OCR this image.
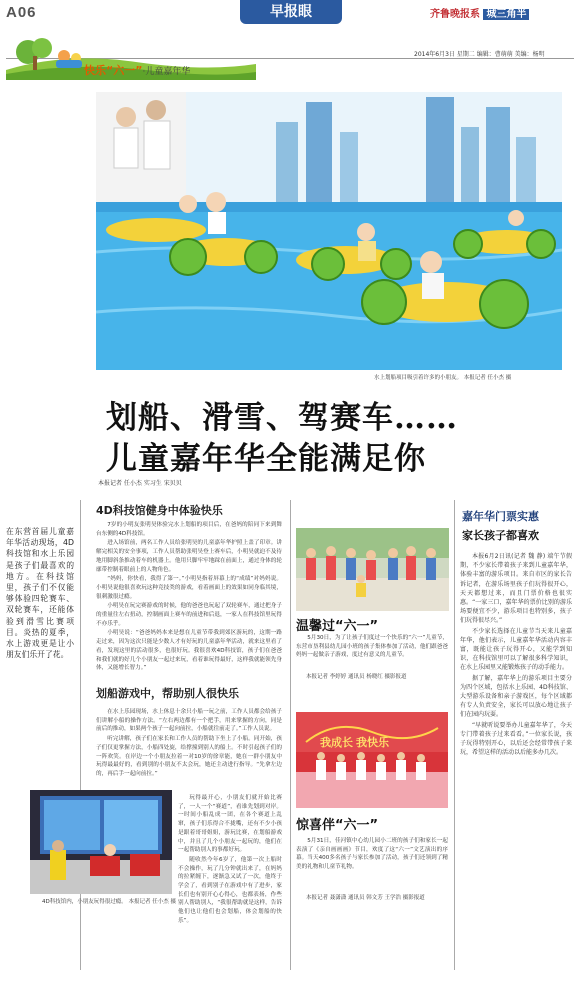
A06	早报眼	齐鲁晚报系 城三角半
2014年6月3日 星期二 编辑：曹萌萌 美编：杨明
快乐“六一”·儿童嘉年华
水上划船项目吸引着许多的小朋友。 本报记者 任小杰 摄
划船、滑雪、驾赛车……
儿童嘉年华全能满足你
本报记者 任小杰 实习生 宋贝贝
在东营首届儿童嘉年华活动现场，4D科技馆和水上乐园是孩子们最喜欢的地方。在科技馆里，孩子们不仅能够体验四轮赛车、双轮赛车，还能体验到滑雪比赛项目。炎热的夏季，水上游戏更是让小朋友们乐开了花。
4D科技馆健身中体验快乐

7岁的小明友张明昊体验完水上划船的项目后，在爸妈的陪同下来到舞台东侧的4D科技馆。

进入场馆前，两名工作人员给张明昊的儿童嘉年华护照上盖了印章。讲解完相关的安全事项，工作人员帮助张明昊登上赛车后，小明昊就迫不及待地用脚斜条推动着车的机器上。他用只脚牢牢地踩在前面上，通过身体的轮廓带控制着眼前上的人物角色。

“妈妈，你快看，我得了第一。”小明昊指着屏幕上的“成绩”对妈妈说。小明昊说他很喜欢玩这种竞技类的游戏，看着画面上的效果如同身临其境，很刺激很过瘾。

小明昊在玩完赛游戏的时候，他的爸爸也玩起了双轮赛车，通过把身子的重量往左右扭动，控制画面上赛车的前进和后退，一家人在科技馆里玩得不亦乐乎。

小明昊说：“爸爸妈妈本来是想在儿童节带我到郊区游玩的，这期一路走过来，因为这次只能是少数人才有好玩的儿童嘉年华活动，就来这里看了看，发现这里的活动很多，也很好玩。我很喜欢4D科技馆，孩子们在爸爸和我们就的好几个小朋友一起过来玩，看着谁玩得最好，这样我就能领先身体，又能增长智力。”

划船游戏中，帮助别人很快乐

在水上乐园现场，水上休息十余只小船一玩之前，工作人员都会给孩子们讲解小船的操作方法。“左右两边都有一个把手，用来掌握的方向，同是前后的推动，如果两个孩子一起向前拉，小船就往前走了。”工作人员说。

听完讲解，孩子们在家长和工作人员的帮助下坐上了小船。同开始，孩子们仅更掌握方法，小船四处旋，给撑撞到别人的船上。不时引起孩子们的一阵欢笑。在岸边一个小朋友拉着一对10岁的徐章能，她在一群小朋友中玩得最最好的，看到别的小朋友不太会玩，她还主动进行指导。“先拿左边的，再后手一起向前拉。”

玩得最开心，小朋友们就开始比赛了，一人一个“赛道”，看谁先划到对岸。一时间小船乱成一团，在各个赛道上乱窜，孩子们乐得合不拢嘴，还有不少小孩是跟着哥哥姐姐，游玩比赛，在划船游戏中，并且了几个小朋友一起玩的，他们在一起帮助别人的事都好玩。

随收然今年6岁了，他第一次上船时不会操作，玩了几分钟就出来了，在妈妈的拉紧缠下，逐渐急又试了一次，他终于学会了，看到别子在游戏中有了进步，家长们也有别开心心得心，也都表扬，作些别人帮助别人，“我很帮助就是这样，告诉他们也让他们也会划船，体会划船的快乐”。

4D科技馆内，小朋友玩得很过瘾。 本报记者 任小杰 摄
温馨过“六一”

5月30日，为了让孩子们度过一个快乐的“六一”儿童节，东营市垦利县幼儿园小班的孩子集体参加了活动，他们跟爸爸妈妈一起做亲子游戏，度过有意义的儿童节。

本报记者 李婷婷 通讯员 杨晓红 摄影报道
我成长 我快乐
惊喜伴“六一”

5月31日，佳河镇中心幼儿园小二班的孩子们和家长一起表演了《亲自画画画》节目，欢度了这“六一”文艺演出的序幕。当天400多名孩子与家长参加了活动，孩子们还领到了精美的礼物和儿童节礼物。

本报记者 聂潇潇 通讯员 韩文芳 王学浩 摄影报道
嘉年华门票实惠
家长孩子都喜欢

本报6月2日讯(记者 魏 静) 端午节假期，不少家长带着孩子来到儿童嘉年华，体验丰富的游乐项目。来自市区的家长告诉记者，在游乐场里孩子们玩得很开心，天天都想过来，而且门票价格也很实惠。“一家三口，嘉年华的票价比别的游乐场要便宜不少，游乐项目也特别多，孩子们玩得很尽兴。”

不少家长选择在儿童节当天来儿童嘉年华，他们表示，儿童嘉年华活动内容丰富，既能让孩子玩得开心，又能学到知识，在科技馆里可以了解很多科学知识，在水上乐园里又能锻炼孩子的动手能力。

据了解，嘉年华上的游乐项目主要分为四个区域，包括水上乐园、4D科技馆、大型游乐设备和亲子游戏区，每个区域都有专人负责安全，家长可以放心地让孩子们在园内玩耍。

“早就听说要举办儿童嘉年华了，今天专门带着孩子过来看看。”一位家长说，孩子玩得特别开心，以后还会经常带孩子来玩，希望这样的活动以后能多办几次。
